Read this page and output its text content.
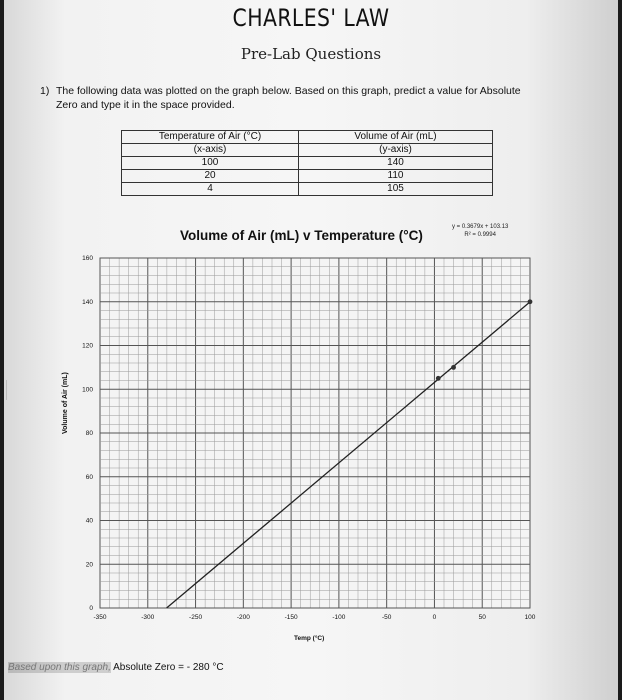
CHARLES' LAW
Pre-Lab Questions
1) The following data was plotted on the graph below. Based on this graph, predict a value for Absolute
Zero and type it in the space provided.
Temperature of Air (°C)	Volume of Air (mL)
(x-axis)	(y-axis)
100	140
20	110
4	105
Volume of Air (mL) v Temperature (°C)
y = 0.3679x + 103.13
R² = 0.9994
-350	-300	-250	-200	-150	-100	-50	0	50	100
0
20
40
60
80
100
120
140
160
Volume of Air (mL)
Temp (°C)
Based upon this graph, Absolute Zero = - 280 °C
